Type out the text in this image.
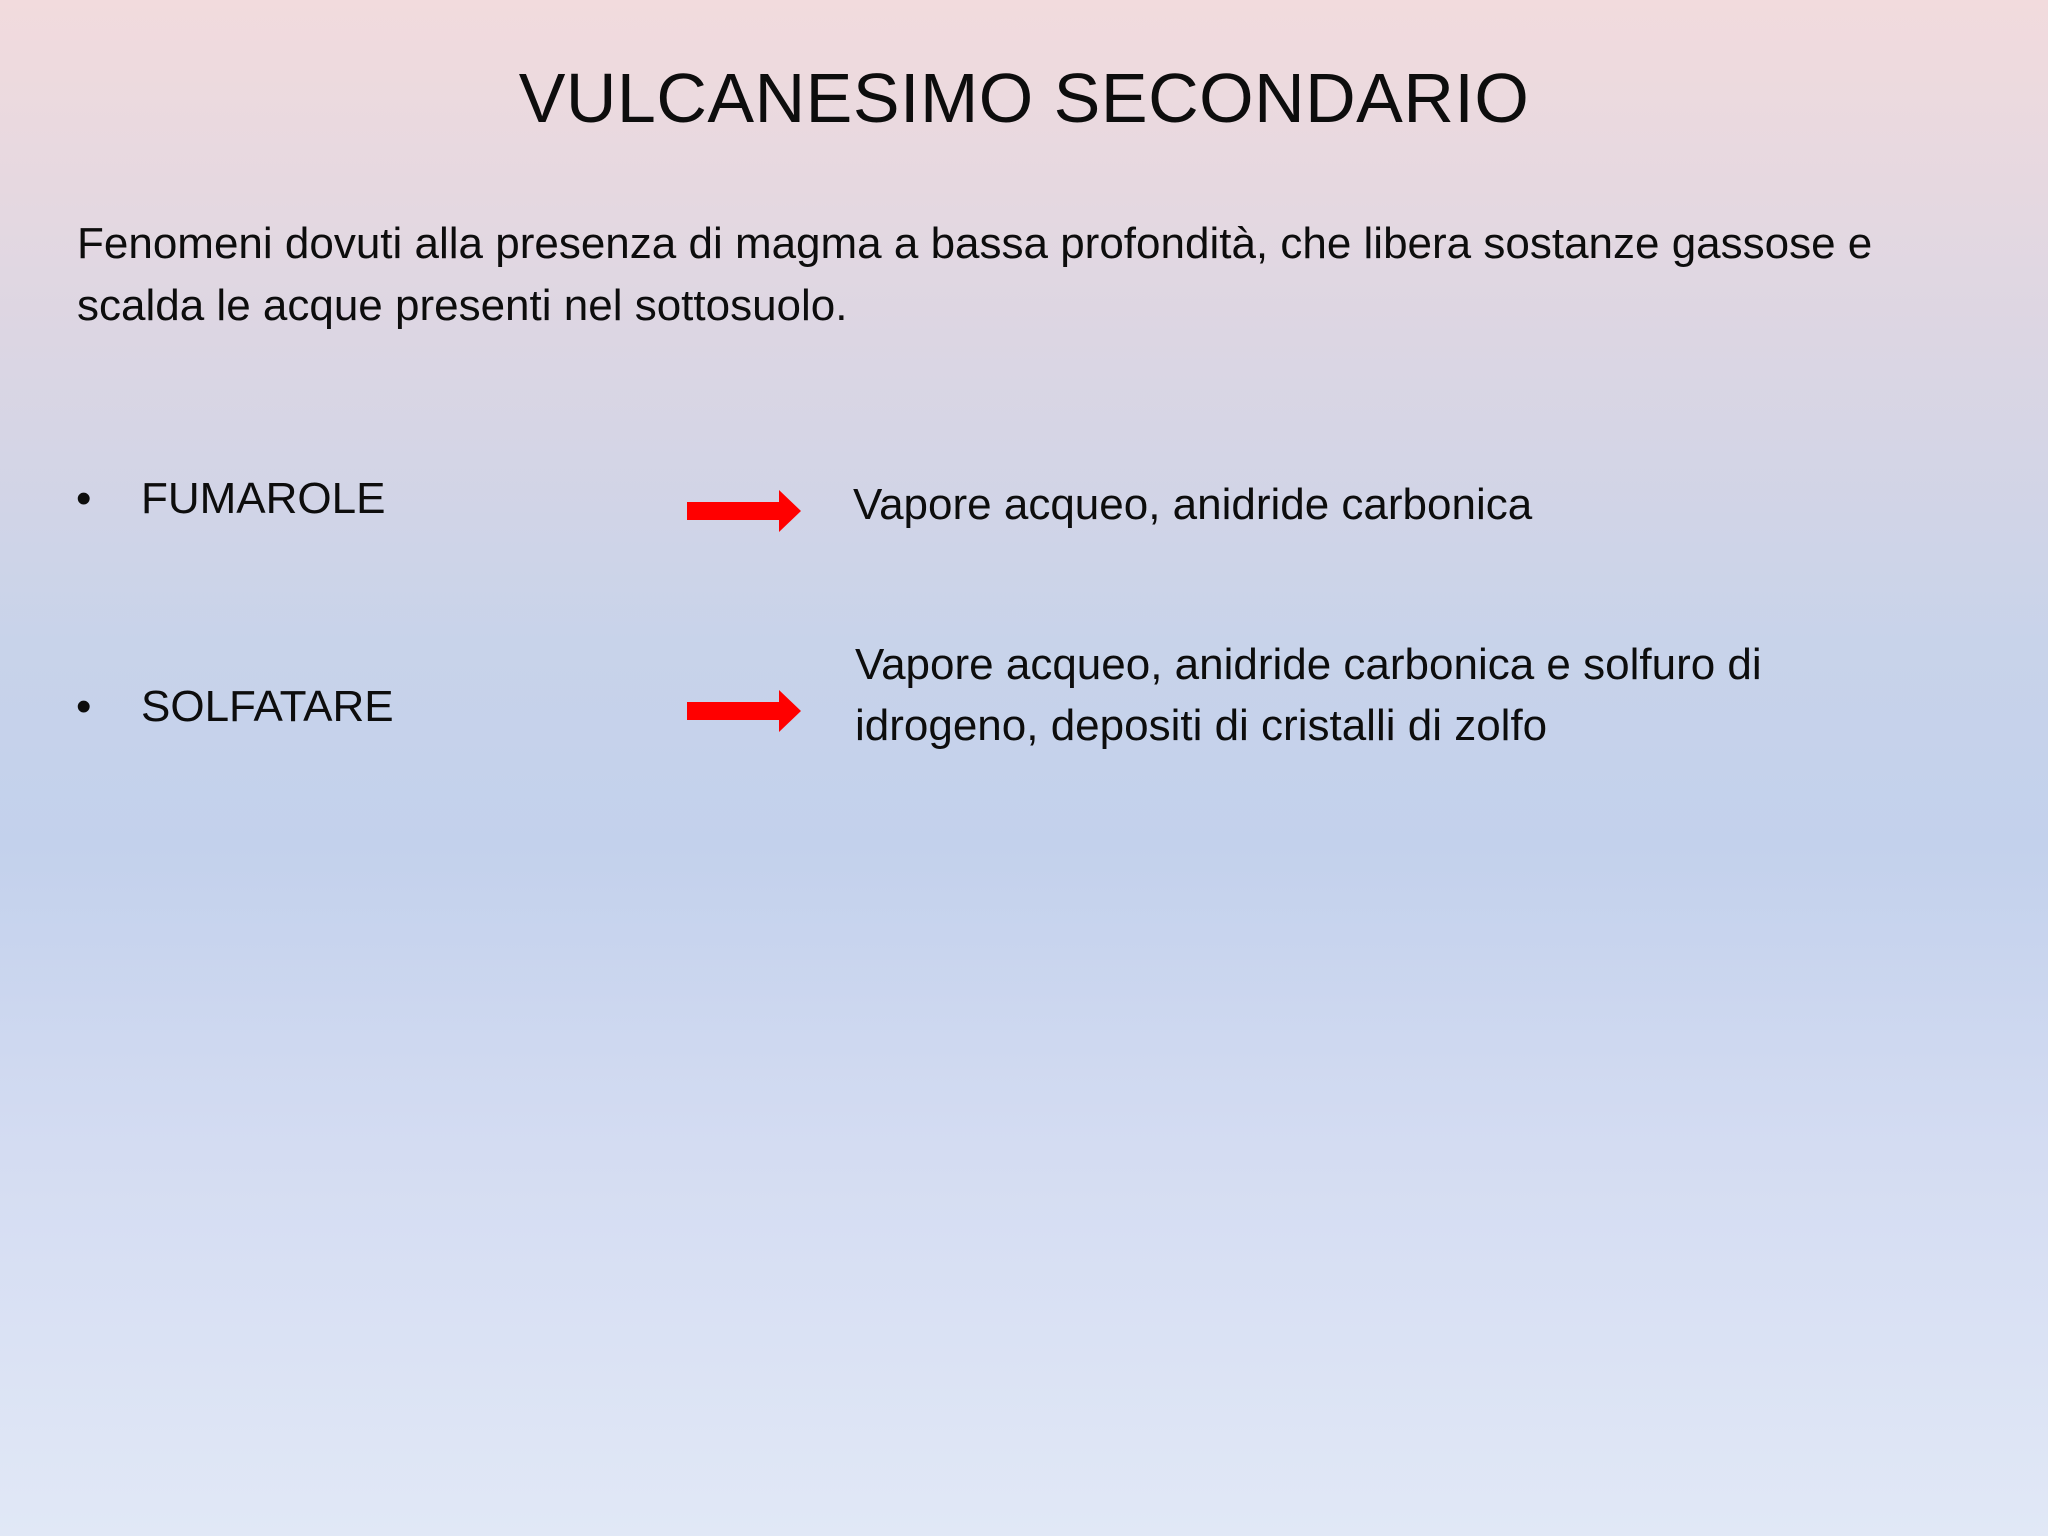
VULCANESIMO SECONDARIO
Fenomeni dovuti alla presenza di magma a bassa profondità, che libera sostanze gassose e
scalda le acque presenti nel sottosuolo.
• FUMAROLE	Vapore acqueo, anidride carbonica
• SOLFATARE
Vapore acqueo, anidride carbonica e solfuro di
idrogeno, depositi di cristalli di zolfo
